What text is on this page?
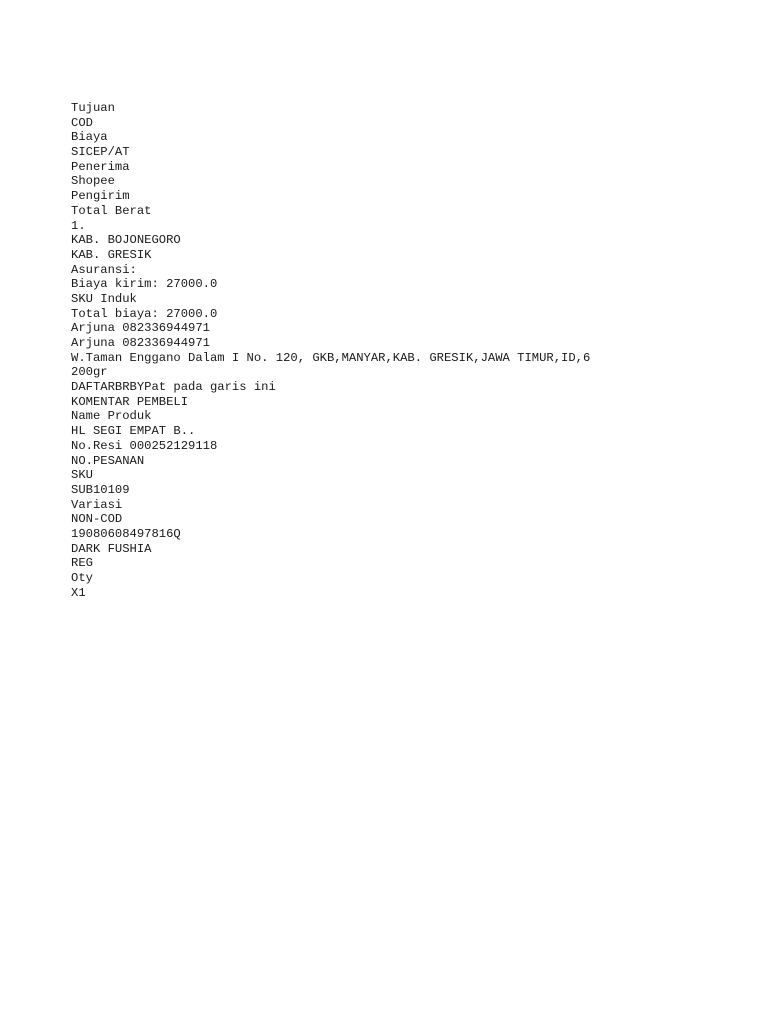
Tujuan
COD
Biaya
SICEP/AT
Penerima
Shopee
Pengirim
Total Berat
1.
KAB. BOJONEGORO
KAB. GRESIK
Asuransi:
Biaya kirim: 27000.0
SKU Induk
Total biaya: 27000.0
Arjuna 082336944971
Arjuna 082336944971
W.Taman Enggano Dalam I No. 120, GKB,MANYAR,KAB. GRESIK,JAWA TIMUR,ID,6
200gr
DAFTARBRBYPat pada garis ini
KOMENTAR PEMBELI
Name Produk
HL SEGI EMPAT B..
No.Resi 000252129118
NO.PESANAN
SKU
SUB10109
Variasi
NON-COD
19080608497816Q
DARK FUSHIA
REG
Oty
X1
